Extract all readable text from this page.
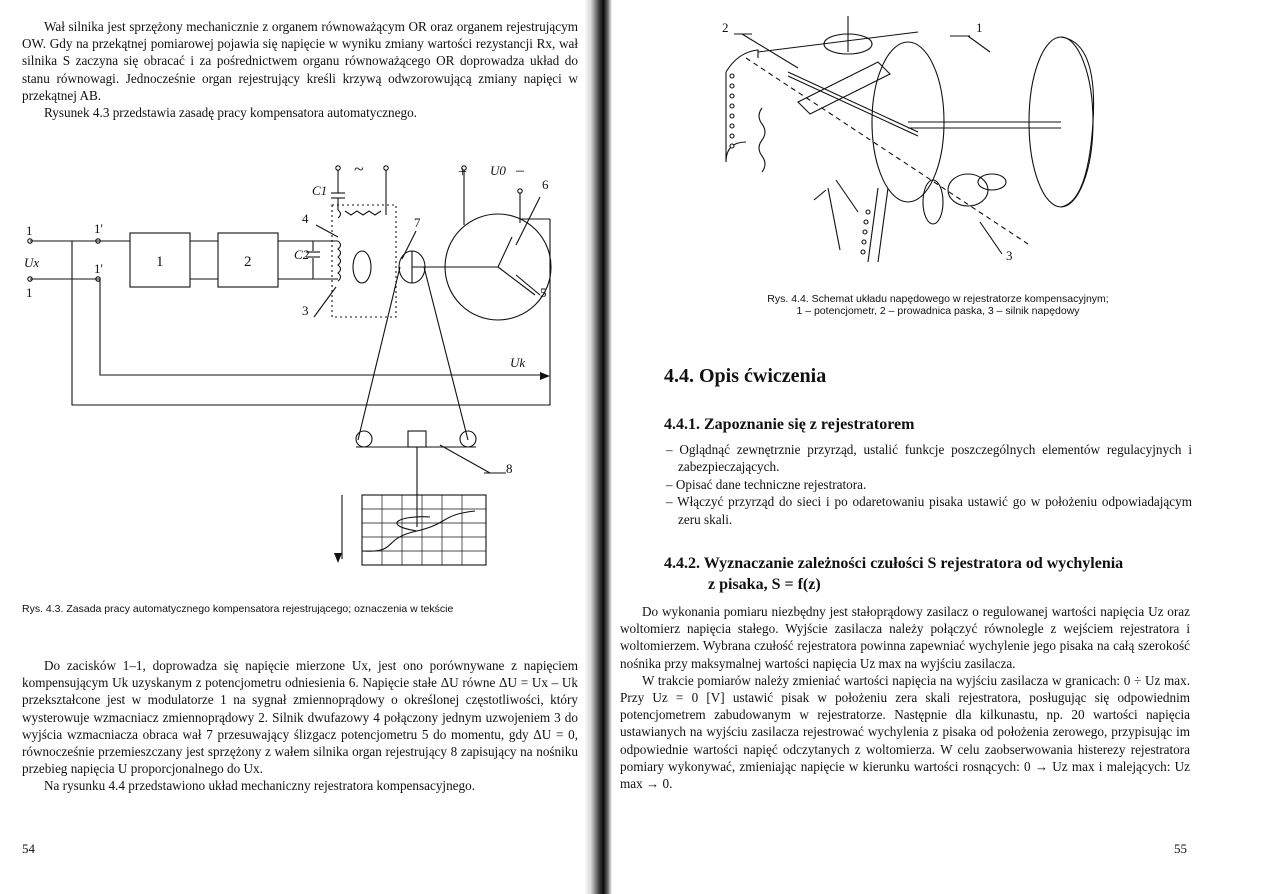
Wał silnika jest sprzężony mechanicznie z organem równoważącym OR oraz organem rejestrującym OW. Gdy na przekątnej pomiarowej pojawia się napięcie w wyniku zmiany wartości rezystancji Rx, wał silnika S zaczyna się obracać i za pośrednictwem organu równoważącego OR doprowadza układ do stanu równowagi. Jednocześnie organ rejestrujący kreśli krzywą odwzorowującą zmiany napięci w przekątnej AB.

Rysunek 4.3 przedstawia zasadę pracy kompensatora automatycznego.

1	1'
Ux	1'
1
1	2
C1
C2
~	+ U0 –
3
4
5
6
7
8
Uk
Rys. 4.3. Zasada pracy automatycznego kompensatora rejestrującego; oznaczenia w tekście

Do zacisków 1–1, doprowadza się napięcie mierzone Ux, jest ono porównywane z napięciem kompensującym Uk uzyskanym z potencjometru odniesienia 6. Napięcie stałe ΔU równe ΔU = Ux – Uk przekształcone jest w modulatorze 1 na sygnał zmiennoprądowy o określonej częstotliwości, który wysterowuje wzmacniacz zmiennoprądowy 2. Silnik dwufazowy 4 połączony jednym uzwojeniem 3 do wyjścia wzmacniacza obraca wał 7 przesuwający ślizgacz potencjometru 5 do momentu, gdy ΔU = 0, równocześnie przemieszczany jest sprzężony z wałem silnika organ rejestrujący 8 zapisujący na nośniku przebieg napięcia U proporcjonalnego do Ux.

Na rysunku 4.4 przedstawiono układ mechaniczny rejestratora kompensacyjnego.

54
2	1
3
Rys. 4.4. Schemat układu napędowego w rejestratorze kompensacyjnym;
1 – potencjometr, 2 – prowadnica paska, 3 – silnik napędowy
4.4. Opis ćwiczenia
4.4.1. Zapoznanie się z rejestratorem
– Oglądnąć zewnętrznie przyrząd, ustalić funkcje poszczególnych elementów regulacyjnych i zabezpieczających.
– Opisać dane techniczne rejestratora.
– Włączyć przyrząd do sieci i po odaretowaniu pisaka ustawić go w położeniu odpowiadającym zeru skali.
4.4.2. Wyznaczanie zależności czułości S rejestratora od wychylenia
z pisaka, S = f(z)

Do wykonania pomiaru niezbędny jest stałoprądowy zasilacz o regulowanej wartości napięcia Uz oraz woltomierz napięcia stałego. Wyjście zasilacza należy połączyć równolegle z wejściem rejestratora i woltomierzem. Wybrana czułość rejestratora powinna zapewniać wychylenie jego pisaka na całą szerokość nośnika przy maksymalnej wartości napięcia Uz max na wyjściu zasilacza.

W trakcie pomiarów należy zmieniać wartości napięcia na wyjściu zasilacza w granicach: 0 ÷ Uz max. Przy Uz = 0 [V] ustawić pisak w położeniu zera skali rejestratora, posługując się odpowiednim potencjometrem zabudowanym w rejestratorze. Następnie dla kilkunastu, np. 20 wartości napięcia ustawianych na wyjściu zasilacza rejestrować wychylenia z pisaka od położenia zerowego, przypisując im odpowiednie wartości napięć odczytanych z woltomierza. W celu zaobserwowania histerezy rejestratora pomiary wykonywać, zmieniając napięcie w kierunku wartości rosnących: 0 → Uz max i malejących: Uz max → 0.

55
